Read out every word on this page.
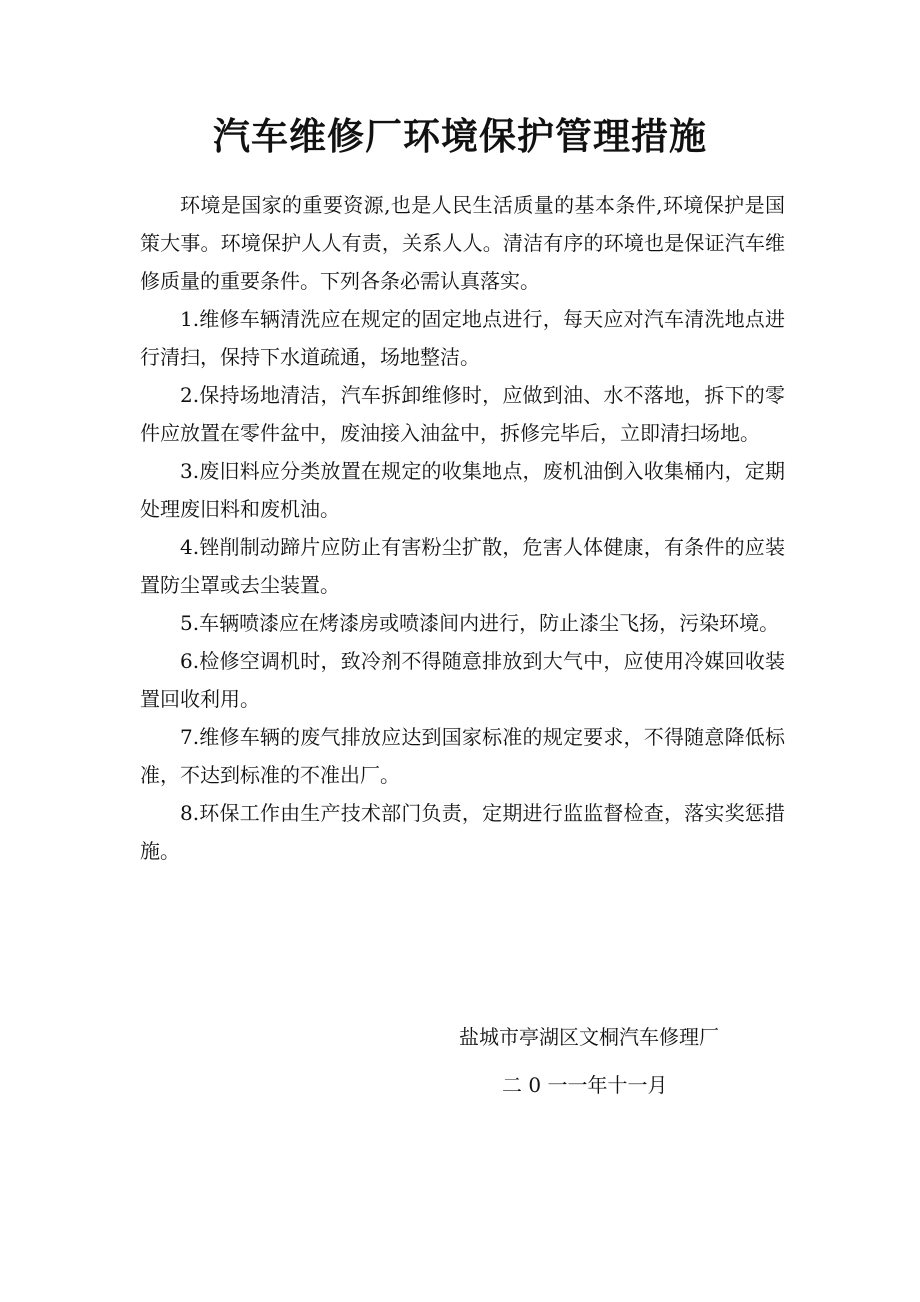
汽车维修厂环境保护管理措施

环境是国家的重要资源,也是人民生活质量的基本条件,环境保护是国策大事。环境保护人人有责，关系人人。清洁有序的环境也是保证汽车维修质量的重要条件。下列各条必需认真落实。

1.维修车辆清洗应在规定的固定地点进行，每天应对汽车清洗地点进行清扫，保持下水道疏通，场地整洁。

2.保持场地清洁，汽车拆卸维修时，应做到油、水不落地，拆下的零件应放置在零件盆中，废油接入油盆中，拆修完毕后，立即清扫场地。

3.废旧料应分类放置在规定的收集地点，废机油倒入收集桶内，定期处理废旧料和废机油。

4.锉削制动蹄片应防止有害粉尘扩散，危害人体健康，有条件的应装置防尘罩或去尘装置。

5.车辆喷漆应在烤漆房或喷漆间内进行，防止漆尘飞扬，污染环境。

6.检修空调机时，致冷剂不得随意排放到大气中，应使用冷媒回收装置回收利用。

7.维修车辆的废气排放应达到国家标准的规定要求，不得随意降低标准，不达到标准的不准出厂。

8.环保工作由生产技术部门负责，定期进行监监督检查，落实奖惩措施。

盐城市亭湖区文桐汽车修理厂
二 0 一一年十一月
